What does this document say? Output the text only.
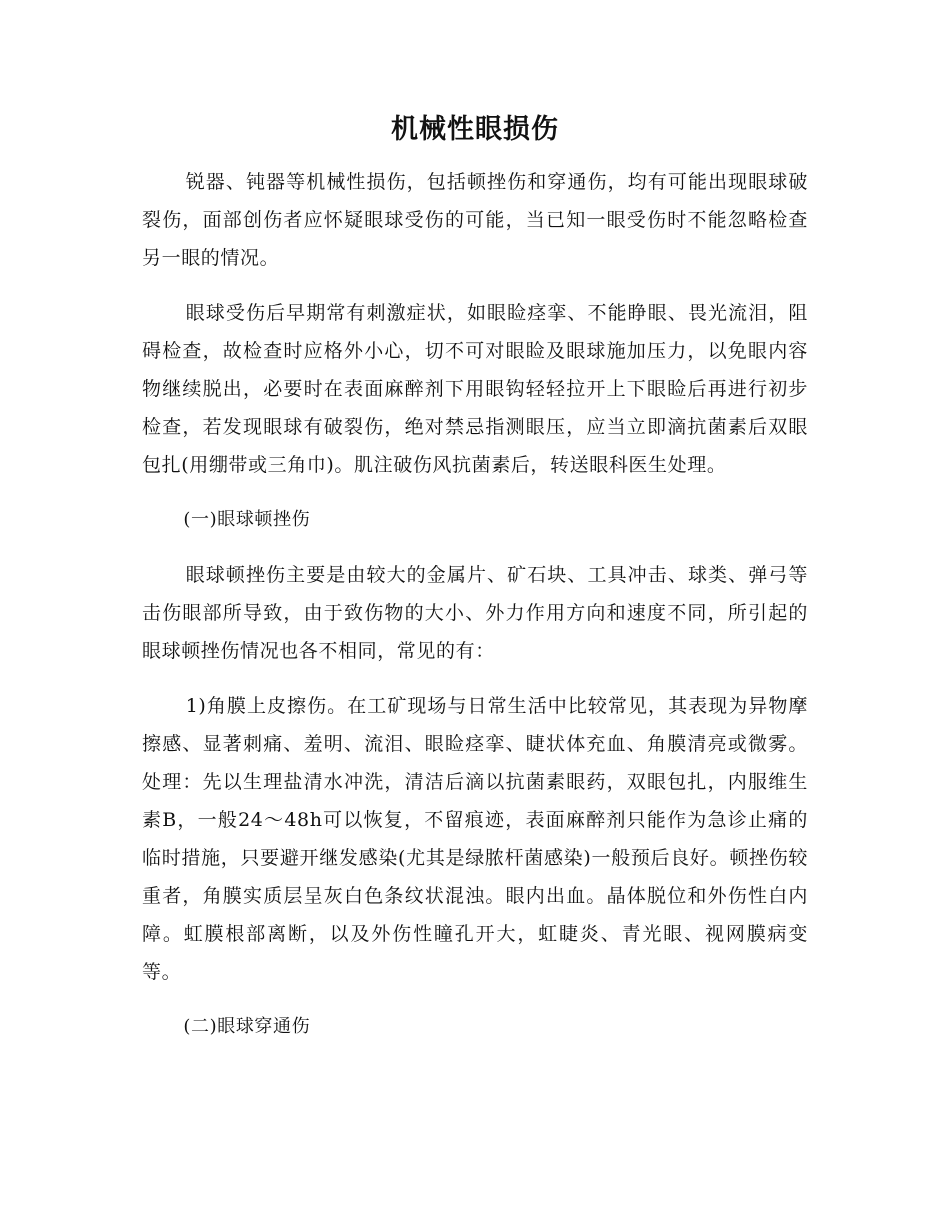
机械性眼损伤

锐器、钝器等机械性损伤，包括顿挫伤和穿通伤，均有可能出现眼球破裂伤，面部创伤者应怀疑眼球受伤的可能，当已知一眼受伤时不能忽略检查另一眼的情况。

眼球受伤后早期常有刺激症状，如眼睑痉挛、不能睁眼、畏光流泪，阻碍检查，故检查时应格外小心，切不可对眼睑及眼球施加压力，以免眼内容物继续脱出，必要时在表面麻醉剂下用眼钩轻轻拉开上下眼睑后再进行初步检查，若发现眼球有破裂伤，绝对禁忌指测眼压，应当立即滴抗菌素后双眼包扎(用绷带或三角巾)。肌注破伤风抗菌素后，转送眼科医生处理。

(一)眼球顿挫伤

眼球顿挫伤主要是由较大的金属片、矿石块、工具冲击、球类、弹弓等击伤眼部所导致，由于致伤物的大小、外力作用方向和速度不同，所引起的眼球顿挫伤情况也各不相同，常见的有：

1)角膜上皮擦伤。在工矿现场与日常生活中比较常见，其表现为异物摩擦感、显著刺痛、羞明、流泪、眼睑痉挛、睫状体充血、角膜清亮或微雾。处理：先以生理盐清水冲洗，清洁后滴以抗菌素眼药，双眼包扎，内服维生素B，一般24～48h可以恢复，不留痕迹，表面麻醉剂只能作为急诊止痛的临时措施，只要避开继发感染(尤其是绿脓杆菌感染)一般预后良好。顿挫伤较重者，角膜实质层呈灰白色条纹状混浊。眼内出血。晶体脱位和外伤性白内障。虹膜根部离断，以及外伤性瞳孔开大，虹睫炎、青光眼、视网膜病变等。

(二)眼球穿通伤
